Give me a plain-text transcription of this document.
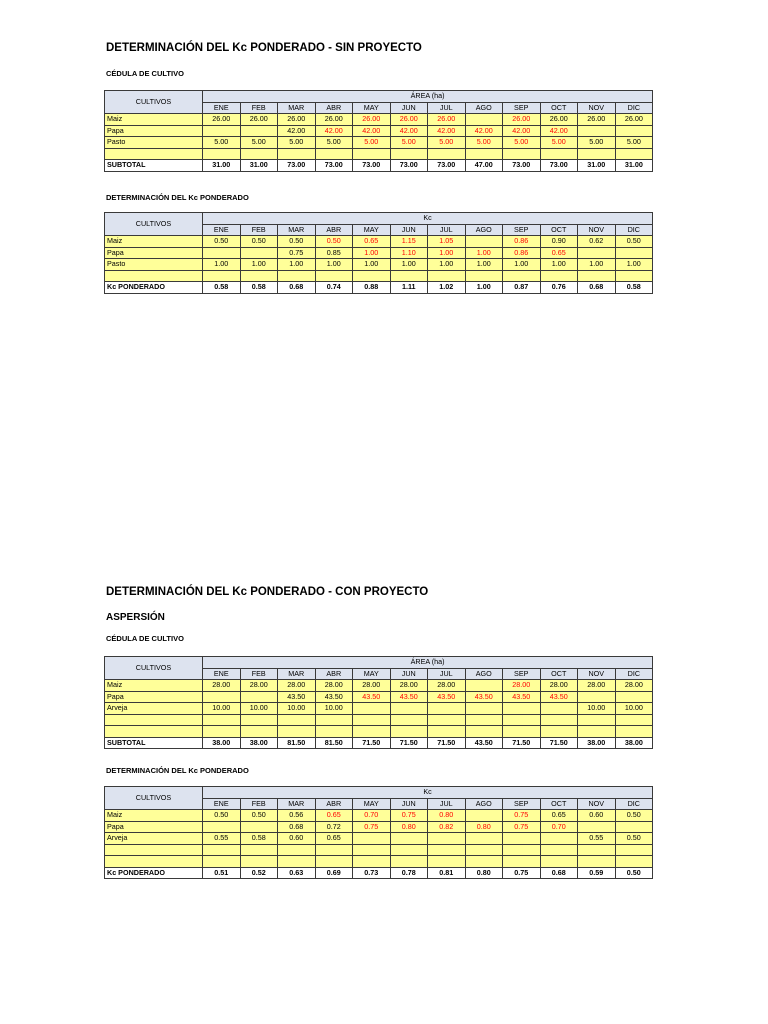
DETERMINACIÓN DEL Kc PONDERADO - SIN PROYECTO
CÉDULA DE CULTIVO
CULTIVOS	ÁREA (ha)											
	ENE	FEB	MAR	ABR	MAY	JUN	JUL	AGO	SEP	OCT	NOV	DIC
Maiz	26.00	26.00	26.00	26.00	26.00	26.00	26.00		26.00	26.00	26.00	26.00
Papa			42.00	42.00	42.00	42.00	42.00	42.00	42.00	42.00		
Pasto	5.00	5.00	5.00	5.00	5.00	5.00	5.00	5.00	5.00	5.00	5.00	5.00

SUBTOTAL	31.00	31.00	73.00	73.00	73.00	73.00	73.00	47.00	73.00	73.00	31.00	31.00
DETERMINACIÓN DEL Kc PONDERADO
CULTIVOS	Kc											
	ENE	FEB	MAR	ABR	MAY	JUN	JUL	AGO	SEP	OCT	NOV	DIC
Maiz	0.50	0.50	0.50	0.50	0.65	1.15	1.05		0.86	0.90	0.62	0.50
Papa			0.75	0.85	1.00	1.10	1.00	1.00	0.86	0.65		
Pasto	1.00	1.00	1.00	1.00	1.00	1.00	1.00	1.00	1.00	1.00	1.00	1.00

Kc PONDERADO	0.58	0.58	0.68	0.74	0.88	1.11	1.02	1.00	0.87	0.76	0.68	0.58
DETERMINACIÓN DEL Kc PONDERADO - CON PROYECTO
ASPERSIÓN
CÉDULA DE CULTIVO
CULTIVOS	ÁREA (ha)											
	ENE	FEB	MAR	ABR	MAY	JUN	JUL	AGO	SEP	OCT	NOV	DIC
Maiz	28.00	28.00	28.00	28.00	28.00	28.00	28.00		28.00	28.00	28.00	28.00
Papa			43.50	43.50	43.50	43.50	43.50	43.50	43.50	43.50		
Arveja	10.00	10.00	10.00	10.00							10.00	10.00

SUBTOTAL	38.00	38.00	81.50	81.50	71.50	71.50	71.50	43.50	71.50	71.50	38.00	38.00
DETERMINACIÓN DEL Kc PONDERADO
CULTIVOS	Kc											
	ENE	FEB	MAR	ABR	MAY	JUN	JUL	AGO	SEP	OCT	NOV	DIC
Maiz	0.50	0.50	0.56	0.65	0.70	0.75	0.80		0.75	0.65	0.60	0.50
Papa			0.68	0.72	0.75	0.80	0.82	0.80	0.75	0.70		
Arveja	0.55	0.58	0.60	0.65							0.55	0.50

Kc PONDERADO	0.51	0.52	0.63	0.69	0.73	0.78	0.81	0.80	0.75	0.68	0.59	0.50
